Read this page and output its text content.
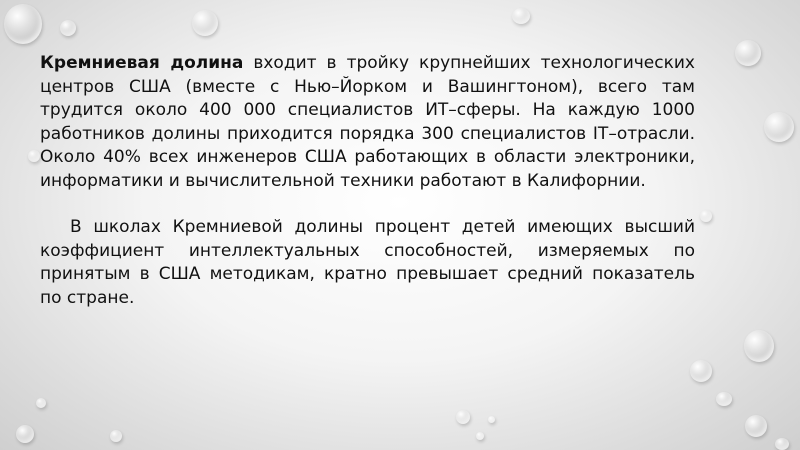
Кремниевая долина входит в тройку крупнейших технологических центров США (вместе с Нью–Йорком и Вашингтоном), всего там трудится около 400 000 специалистов ИТ–сферы. На каждую 1000 работников долины приходится порядка 300 специалистов IT–отрасли. Около 40% всех инженеров США работающих в области электроники, информатики и вычислительной техники работают в Калифорнии.

В школах Кремниевой долины процент детей имеющих высший коэффициент интеллектуальных способностей, измеряемых по принятым в США методикам, кратно превышает средний показатель по стране.
